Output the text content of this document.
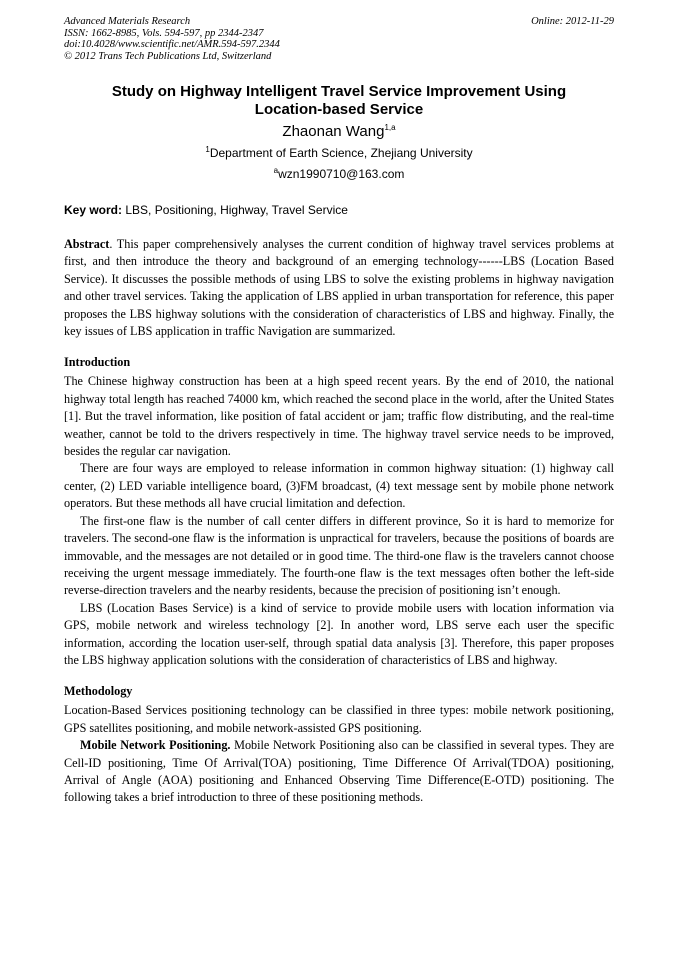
Advanced Materials Research
ISSN: 1662-8985, Vols. 594-597, pp 2344-2347
doi:10.4028/www.scientific.net/AMR.594-597.2344
© 2012 Trans Tech Publications Ltd, Switzerland
Online: 2012-11-29
Study on Highway Intelligent Travel Service Improvement Using Location-based Service
Zhaonan Wang$^{1,a}$
$^1$Department of Earth Science, Zhejiang University
$^a$wzn1990710@163.com
Key word: LBS, Positioning, Highway, Travel Service

Abstract. This paper comprehensively analyses the current condition of highway travel services problems at first, and then introduce the theory and background of an emerging technology------LBS (Location Based Service). It discusses the possible methods of using LBS to solve the existing problems in highway navigation and other travel services. Taking the application of LBS applied in urban transportation for reference, this paper proposes the LBS highway solutions with the consideration of characteristics of LBS and highway. Finally, the key issues of LBS application in traffic Navigation are summarized.

Introduction

The Chinese highway construction has been at a high speed recent years. By the end of 2010, the national highway total length has reached 74000 km, which reached the second place in the world, after the United States [1]. But the travel information, like position of fatal accident or jam; traffic flow distributing, and the real-time weather, cannot be told to the drivers respectively in time. The highway travel service needs to be improved, besides the regular car navigation.

There are four ways are employed to release information in common highway situation: (1) highway call center, (2) LED variable intelligence board, (3)FM broadcast, (4) text message sent by mobile phone network operators. But these methods all have crucial limitation and defection.

The first-one flaw is the number of call center differs in different province, So it is hard to memorize for travelers. The second-one flaw is the information is unpractical for travelers, because the positions of boards are immovable, and the messages are not detailed or in good time. The third-one flaw is the travelers cannot choose receiving the urgent message immediately. The fourth-one flaw is the text messages often bother the left-side reverse-direction travelers and the nearby residents, because the precision of positioning isn’t enough.

LBS (Location Bases Service) is a kind of service to provide mobile users with location information via GPS, mobile network and wireless technology [2]. In another word, LBS serve each user the specific information, according the location user-self, through spatial data analysis [3]. Therefore, this paper proposes the LBS highway application solutions with the consideration of characteristics of LBS and highway.

Methodology

Location-Based Services positioning technology can be classified in three types: mobile network positioning, GPS satellites positioning, and mobile network-assisted GPS positioning.

Mobile Network Positioning. Mobile Network Positioning also can be classified in several types. They are Cell-ID positioning, Time Of Arrival(TOA) positioning, Time Difference Of Arrival(TDOA) positioning, Arrival of Angle (AOA) positioning and Enhanced Observing Time Difference(E-OTD) positioning. The following takes a brief introduction to three of these positioning methods.
